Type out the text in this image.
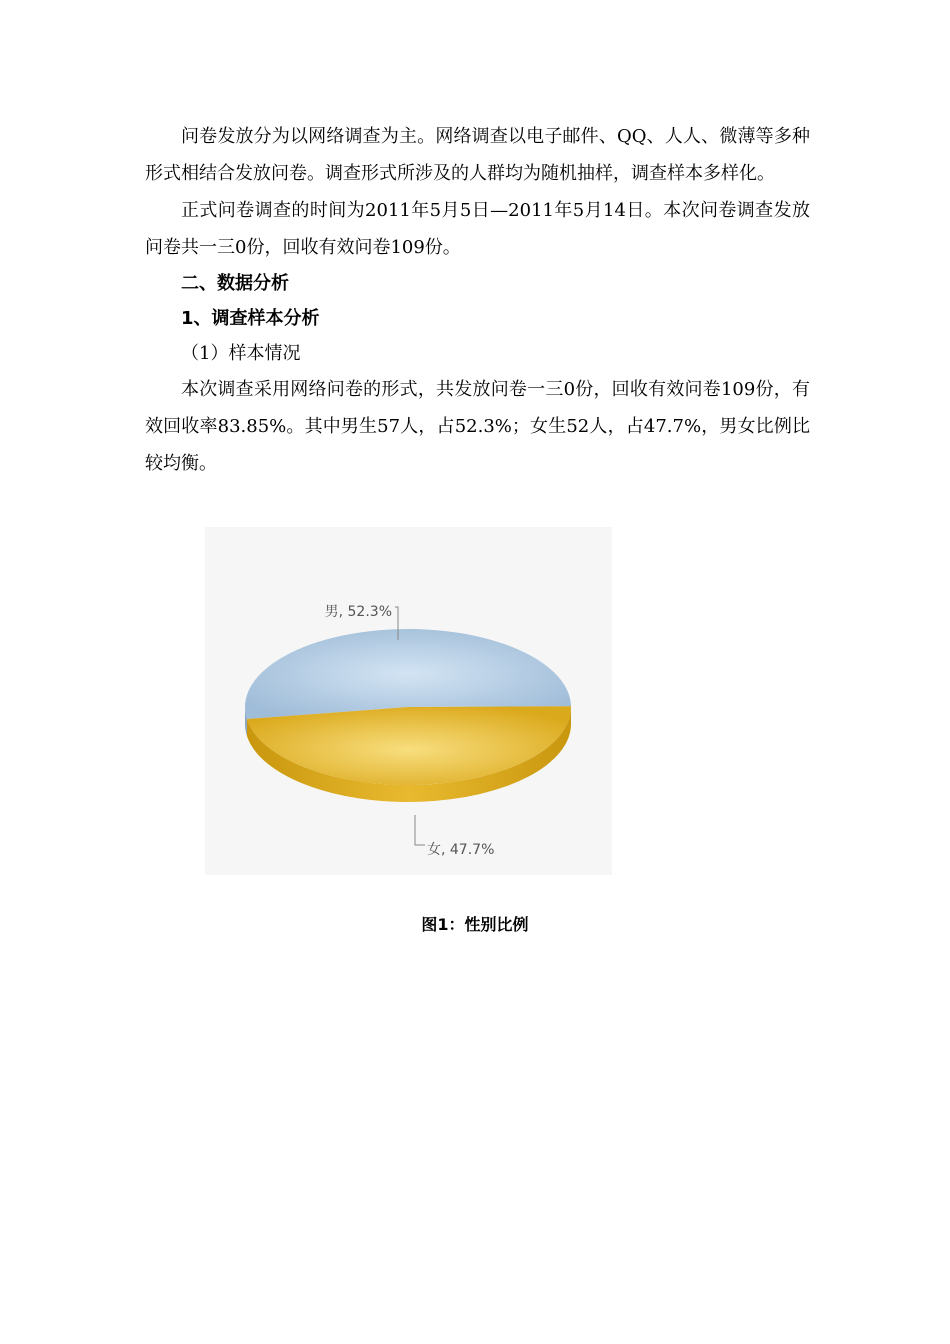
问卷发放分为以网络调查为主。网络调查以电子邮件、QQ、人人、微薄等多种形式相结合发放问卷。调查形式所涉及的人群均为随机抽样，调查样本多样化。

正式问卷调查的时间为2011年5月5日—2011年5月14日。本次问卷调查发放问卷共一三0份，回收有效问卷109份。

二、数据分析

1、调查样本分析

（1）样本情况

本次调查采用网络问卷的形式，共发放问卷一三0份，回收有效问卷109份，有效回收率83.85%。其中男生57人，占52.3%；女生52人，占47.7%，男女比例比较均衡。

男, 52.3%
女, 47.7%
图1：性别比例
